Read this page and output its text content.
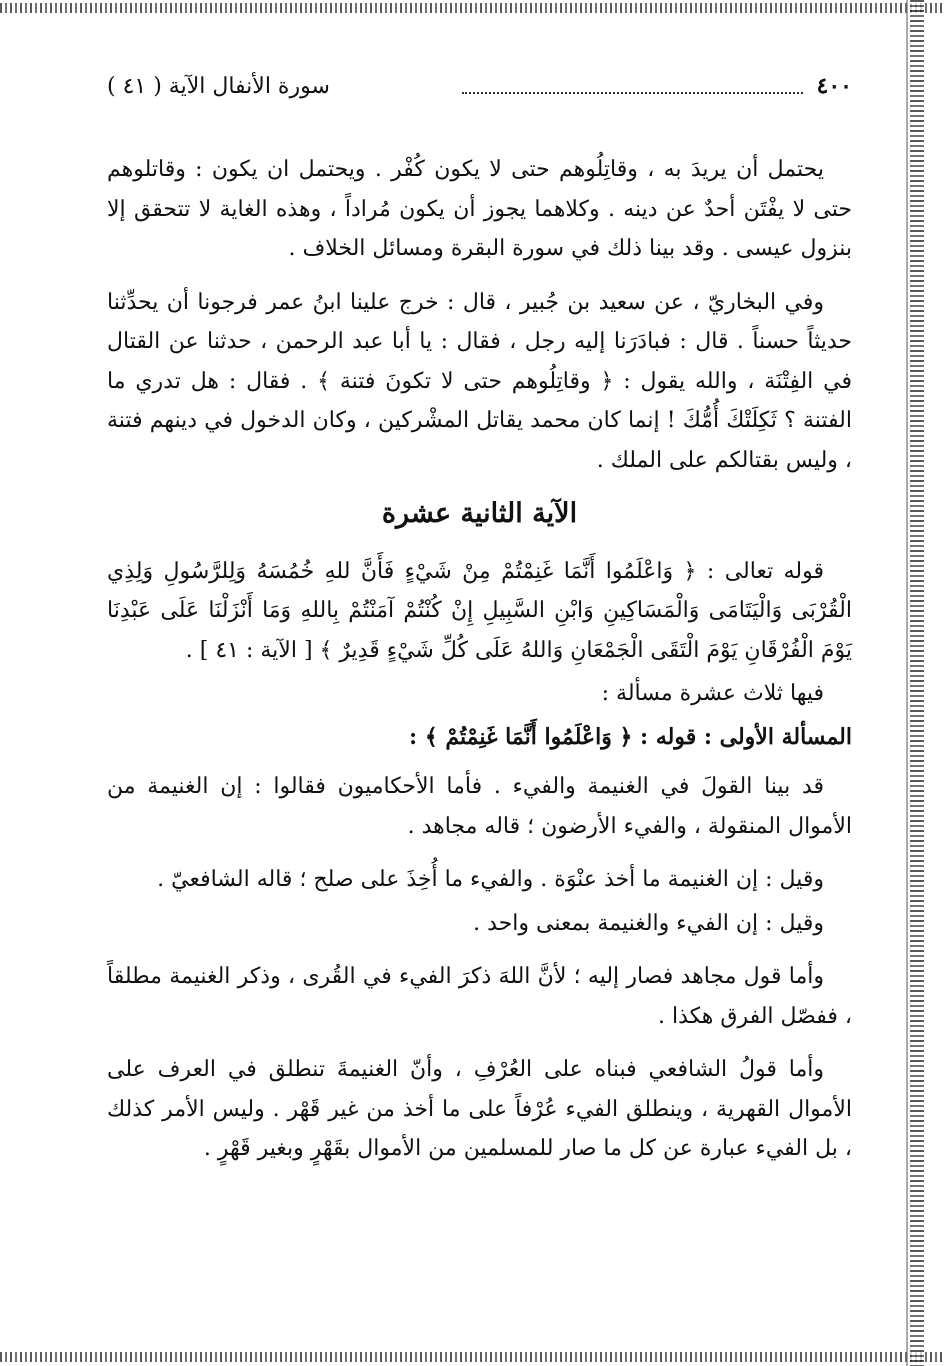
٤٠٠
سورة الأنفال الآية ( ٤١ )

يحتمل أن يريدَ به ، وقاتِلُوهم حتى لا يكون كُفْر . ويحتمل ان يكون : وقاتلوهم حتى لا يفْتَن أحدٌ عن دينه . وكلاهما يجوز أن يكون مُراداً ، وهذه الغاية لا تتحقق إلا بنزول عيسى . وقد بينا ذلك في سورة البقرة ومسائل الخلاف .

وفي البخاريّ ، عن سعيد بن جُبير ، قال : خرج علينا ابنُ عمر فرجونا أن يحدِّثنا حديثاً حسناً . قال : فبادَرَنا إليه رجل ، فقال : يا أبا عبد الرحمن ، حدثنا عن القتال في الفِتْنَة ، والله يقول : ﴿ وقاتِلُوهم حتى لا تكونَ فتنة ﴾ . فقال : هل تدري ما الفتنة ؟ ثَكِلَتْكَ أُمُّكَ ! إنما كان محمد يقاتل المشْركين ، وكان الدخول في دينهم فتنة ، وليس بقتالكم على الملك .

الآية الثانية عشرة

قوله تعالى : ﴿ وَاعْلَمُوا أَنَّمَا غَنِمْتُمْ مِنْ شَيْءٍ فَأَنَّ للهِ خُمُسَهُ وَلِلرَّسُولِ وَلِذِي الْقُرْبَى وَالْيَتَامَى وَالْمَسَاكِينِ وَابْنِ السَّبِيلِ إِنْ كُنْتُمْ آمَنْتُمْ بِاللهِ وَمَا أَنْزَلْنَا عَلَى عَبْدِنَا يَوْمَ الْفُرْقَانِ يَوْمَ الْتَقَى الْجَمْعَانِ وَاللهُ عَلَى كُلِّ شَيْءٍ قَدِيرٌ ﴾ [ الآية : ٤١ ] .

فيها ثلاث عشرة مسألة :

المسألة الأولى : قوله : ﴿ وَاعْلَمُوا أَنَّمَا غَنِمْتُمْ ﴾ :

قد بينا القولَ في الغنيمة والفيء . فأما الأحكاميون فقالوا : إن الغنيمة من الأموال المنقولة ، والفيء الأرضون ؛ قاله مجاهد .

وقيل : إن الغنيمة ما أخذ عنْوَة . والفيء ما أُخِذَ على صلح ؛ قاله الشافعيّ .

وقيل : إن الفيء والغنيمة بمعنى واحد .

وأما قول مجاهد فصار إليه ؛ لأنَّ اللهَ ذكرَ الفيء في القُرى ، وذكر الغنيمة مطلقاً ، ففصّل الفرق هكذا .

وأما قولُ الشافعي فبناه على العُرْفِ ، وأنّ الغنيمةَ تنطلق في العرف على الأموال القهرية ، وينطلق الفيء عُرْفاً على ما أخذ من غير قَهْر . وليس الأمر كذلك ، بل الفيء عبارة عن كل ما صار للمسلمين من الأموال بقَهْرٍ وبغير قَهْرٍ .
